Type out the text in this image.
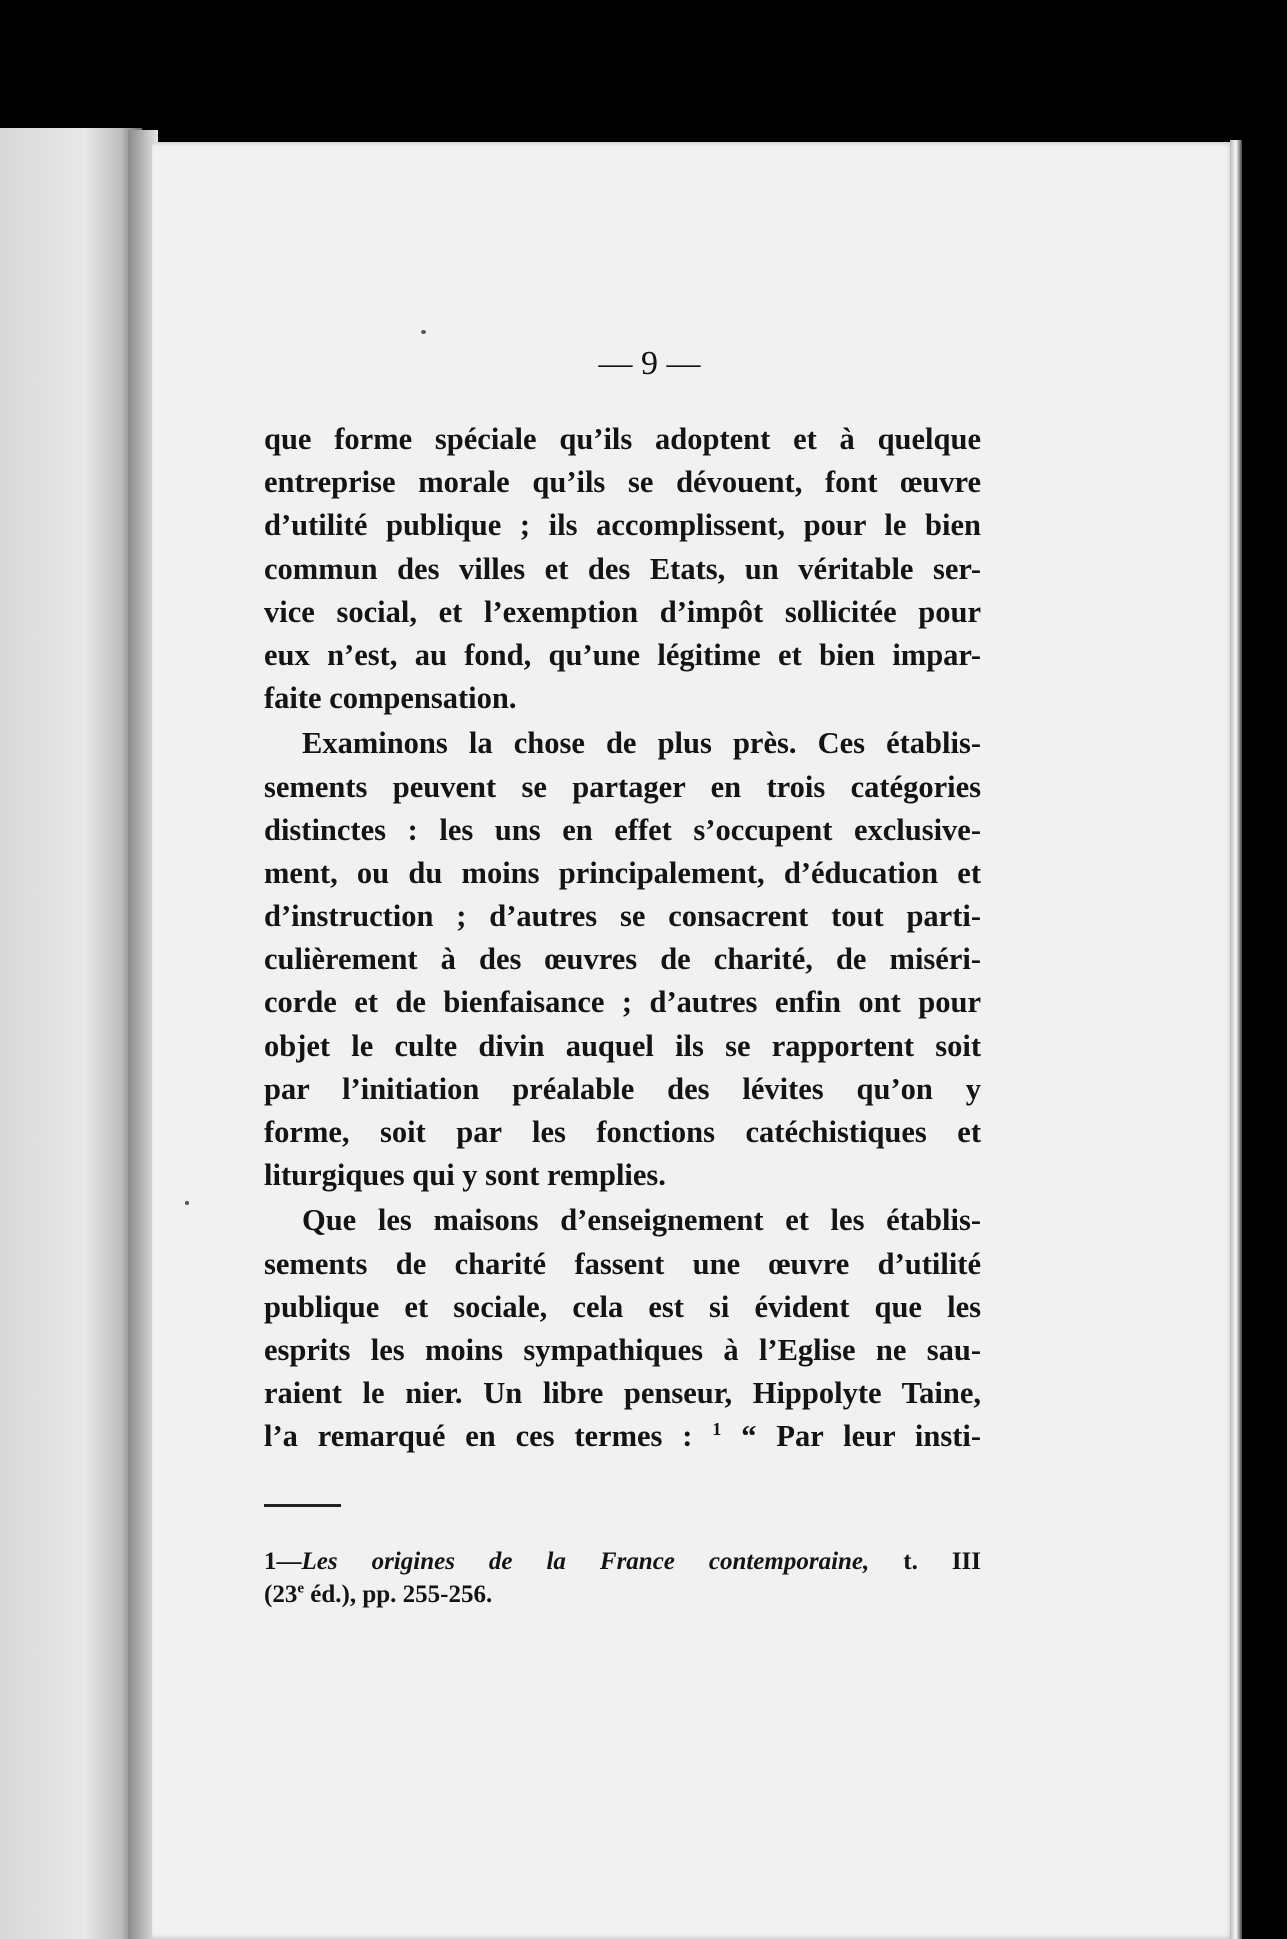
— 9 —
que forme spéciale qu’ils adoptent et à quelque
entreprise morale qu’ils se dévouent, font œuvre
d’utilité publique ; ils accomplissent, pour le bien
commun des villes et des Etats, un véritable ser-
vice social, et l’exemption d’impôt sollicitée pour
eux n’est, au fond, qu’une légitime et bien impar-
faite compensation.
Examinons la chose de plus près. Ces établis-
sements peuvent se partager en trois catégories
distinctes : les uns en effet s’occupent exclusive-
ment, ou du moins principalement, d’éducation et
d’instruction ; d’autres se consacrent tout parti-
culièrement à des œuvres de charité, de miséri-
corde et de bienfaisance ; d’autres enfin ont pour
objet le culte divin auquel ils se rapportent soit
par l’initiation préalable des lévites qu’on y
forme, soit par les fonctions catéchistiques et
liturgiques qui y sont remplies.
Que les maisons d’enseignement et les établis-
sements de charité fassent une œuvre d’utilité
publique et sociale, cela est si évident que les
esprits les moins sympathiques à l’Eglise ne sau-
raient le nier. Un libre penseur, Hippolyte Taine,
l’a remarqué en ces termes : $^1$ “ Par leur insti-
1—Les origines de la France contemporaine, t. III
(23e éd.), pp. 255-256.
